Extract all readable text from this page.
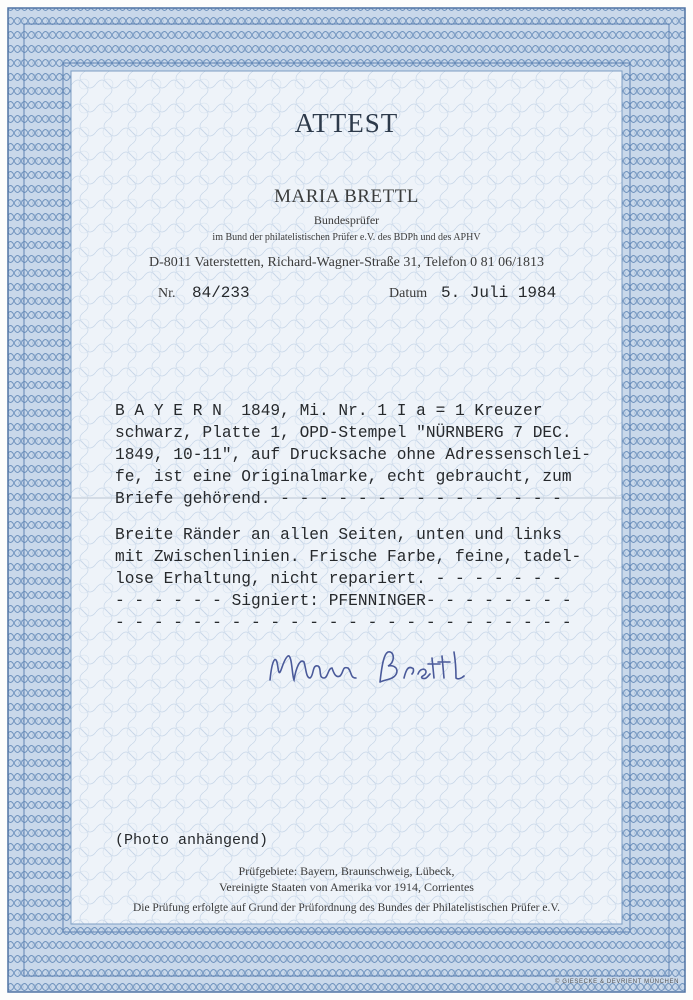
ATTEST
MARIA BRETTL
Bundesprüfer
im Bund der philatelistischen Prüfer e.V. des BDPh und des APHV
D-8011 Vaterstetten, Richard-Wagner-Straße 31, Telefon 0 81 06/1813
Nr. 84/233	Datum 5. Juli 1984
B A Y E R N  1849, Mi. Nr. 1 I a = 1 Kreuzer
schwarz, Platte 1, OPD-Stempel "NÜRNBERG 7 DEC.
1849, 10-11", auf Drucksache ohne Adressenschlei-
fe, ist eine Originalmarke, echt gebraucht, zum
Briefe gehörend. - - - - - - - - - - - - - - -
Breite Ränder an allen Seiten, unten und links
mit Zwischenlinien. Frische Farbe, feine, tadel-
lose Erhaltung, nicht repariert. - - - - - - -
- - - - - - Signiert: PFENNINGER- - - - - - - -
- - - - - - - - - - - - - - - - - - - - - - - -
(Photo anhängend)
Prüfgebiete: Bayern, Braunschweig, Lübeck,
Vereinigte Staaten von Amerika vor 1914, Corrientes
Die Prüfung erfolgte auf Grund der Prüfordnung des Bundes der Philatelistischen Prüfer e.V.
© GIESECKE & DEVRIENT MÜNCHEN
